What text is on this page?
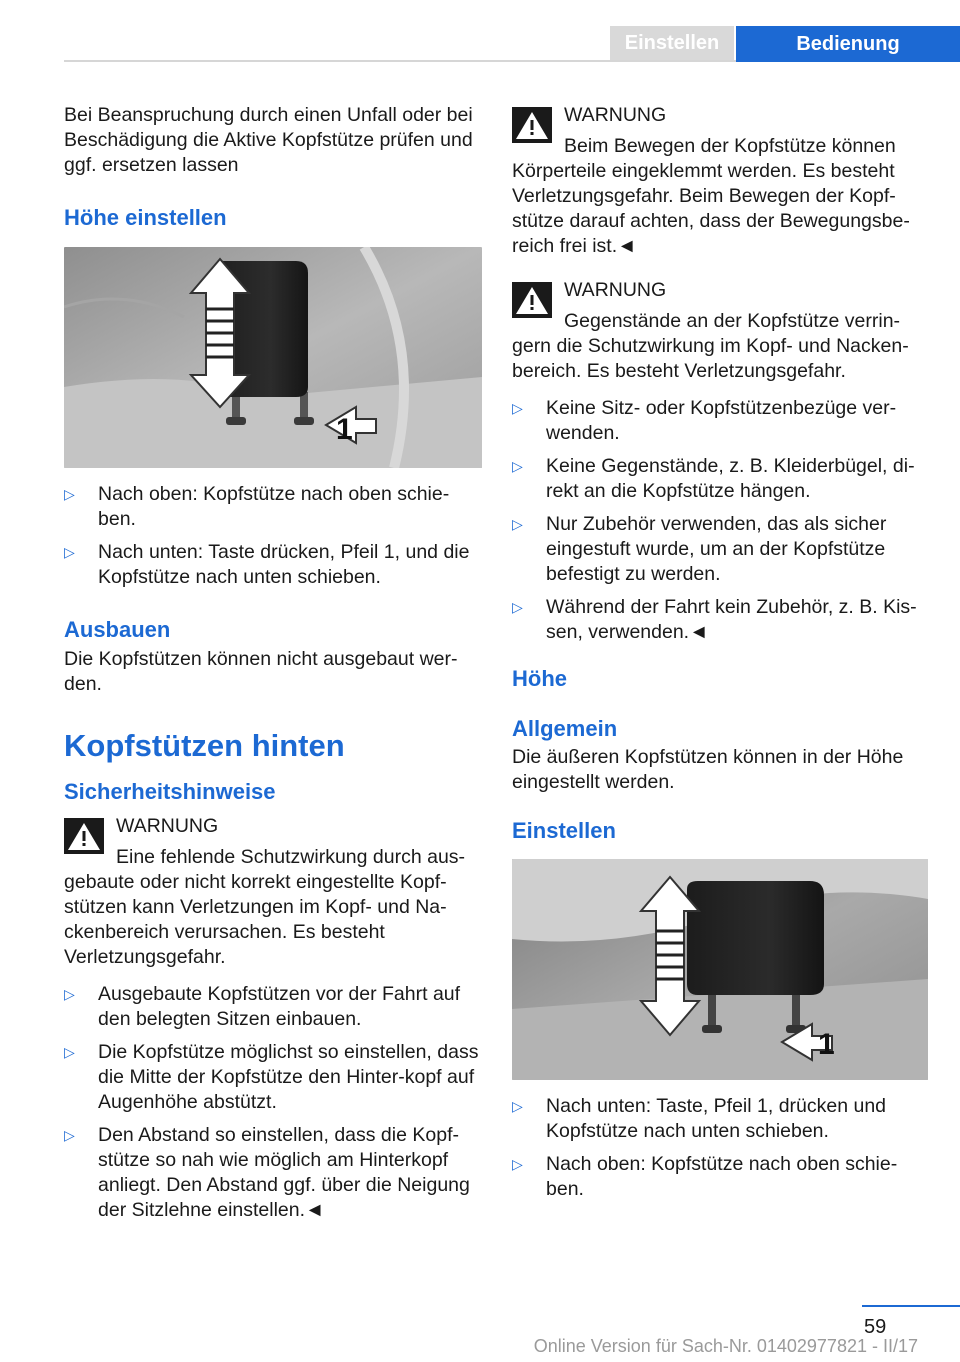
Einstellen	Bedienung

Bei Beanspruchung durch einen Unfall oder bei Beschädigung die Aktive Kopfstütze prüfen und ggf. ersetzen lassen

Höhe einstellen
1
▷ Nach oben: Kopfstütze nach oben schie-ben.
▷ Nach unten: Taste drücken, Pfeil 1, und die Kopfstütze nach unten schieben.
Ausbauen

Die Kopfstützen können nicht ausgebaut wer-den.

Kopfstützen hinten
Sicherheitshinweise
WARNUNG
Eine fehlende Schutzwirkung durch aus-gebaute oder nicht korrekt eingestellte Kopf-stützen kann Verletzungen im Kopf- und Na-ckenbereich verursachen. Es besteht Verletzungsgefahr.
▷ Ausgebaute Kopfstützen vor der Fahrt auf den belegten Sitzen einbauen.
▷ Die Kopfstütze möglichst so einstellen, dass die Mitte der Kopfstütze den Hinter-kopf auf Augenhöhe abstützt.
▷ Den Abstand so einstellen, dass die Kopf-stütze so nah wie möglich am Hinterkopf anliegt. Den Abstand ggf. über die Neigung der Sitzlehne einstellen.◄
WARNUNG
Beim Bewegen der Kopfstütze können Körperteile eingeklemmt werden. Es besteht Verletzungsgefahr. Beim Bewegen der Kopf-stütze darauf achten, dass der Bewegungsbe-reich frei ist.◄
WARNUNG
Gegenstände an der Kopfstütze verrin-gern die Schutzwirkung im Kopf- und Nacken-bereich. Es besteht Verletzungsgefahr.
▷ Keine Sitz- oder Kopfstützenbezüge ver-wenden.
▷ Keine Gegenstände, z. B. Kleiderbügel, di-rekt an die Kopfstütze hängen.
▷ Nur Zubehör verwenden, das als sicher eingestuft wurde, um an der Kopfstütze befestigt zu werden.
▷ Während der Fahrt kein Zubehör, z. B. Kis-sen, verwenden.◄
Höhe
Allgemein

Die äußeren Kopfstützen können in der Höhe eingestellt werden.

Einstellen
1
▷ Nach unten: Taste, Pfeil 1, drücken und Kopfstütze nach unten schieben.
▷ Nach oben: Kopfstütze nach oben schie-ben.
59
Online Version für Sach-Nr. 01402977821 - II/17
